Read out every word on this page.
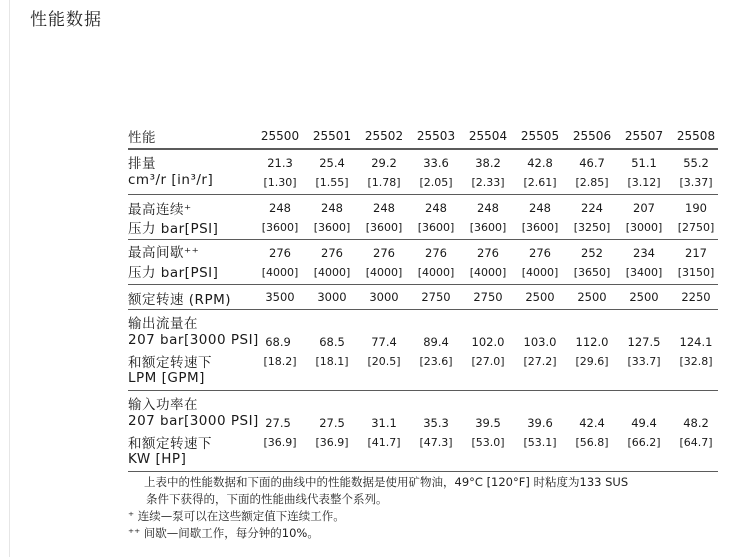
性能数据
性能	25500 25501 25502 25503 25504 25505 25506 25507 25508
排量
cm³/r [in³/r]
21.3	25.4	29.2	33.6	38.2	42.8	46.7	51.1	55.2
[1.30]	[1.55]	[1.78]	[2.05]	[2.33]	[2.61]	[2.85]	[3.12]	[3.37]
最高连续⁺
压力 bar[PSI]
248	248	248	248	248	248	224	207	190
[3600] [3600] [3600] [3600] [3600] [3600] [3250] [3000] [2750]
最高间歇⁺⁺
压力 bar[PSI]
276	276	276	276	276	276	252	234	217
[4000] [4000] [4000] [4000] [4000] [4000] [3650] [3400] [3150]
额定转速 (RPM)	3500	3000	3000	2750	2750	2500	2500	2500	2250
输出流量在
207 bar[3000 PSI]
和额定转速下
LPM [GPM]
68.9	68.5	77.4	89.4	102.0	103.0	112.0	127.5	124.1
[18.2]	[18.1]	[20.5]	[23.6]	[27.0]	[27.2]	[29.6]	[33.7]	[32.8]
输入功率在
207 bar[3000 PSI]
和额定转速下
KW [HP]
27.5	27.5	31.1	35.3	39.5	39.6	42.4	49.4	48.2
[36.9]	[36.9]	[41.7]	[47.3]	[53.0]	[53.1]	[56.8]	[66.2]	[64.7]
上表中的性能数据和下面的曲线中的性能数据是使用矿物油，49°C [120°F] 时粘度为133 SUS
条件下获得的，下面的性能曲线代表整个系列。
⁺ 连续—泵可以在这些额定值下连续工作。
⁺⁺ 间歇—间歇工作，每分钟的10%。
